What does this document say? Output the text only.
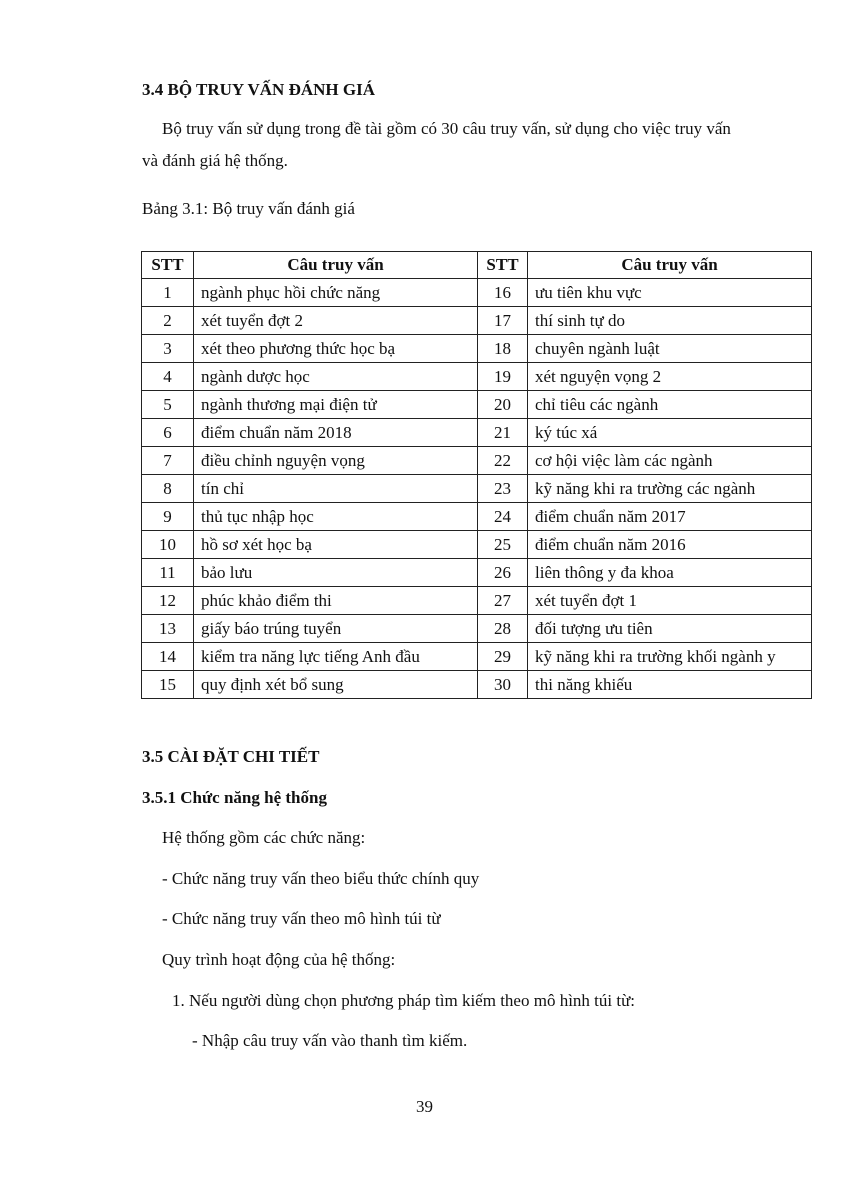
3.4 BỘ TRUY VẤN ĐÁNH GIÁ
Bộ truy vấn sử dụng trong đề tài gồm có 30 câu truy vấn, sử dụng cho việc truy vấn
và đánh giá hệ thống.
Bảng 3.1: Bộ truy vấn đánh giá
STT	Câu truy vấn	STT	Câu truy vấn
1	ngành phục hồi chức năng	16	ưu tiên khu vực
2	xét tuyển đợt 2	17	thí sinh tự do
3	xét theo phương thức học bạ	18	chuyên ngành luật
4	ngành dược học	19	xét nguyện vọng 2
5	ngành thương mại điện tử	20	chỉ tiêu các ngành
6	điểm chuẩn năm 2018	21	ký túc xá
7	điều chỉnh nguyện vọng	22	cơ hội việc làm các ngành
8	tín chỉ	23	kỹ năng khi ra trường các ngành
9	thủ tục nhập học	24	điểm chuẩn năm 2017
10	hồ sơ xét học bạ	25	điểm chuẩn năm 2016
11	bảo lưu	26	liên thông y đa khoa
12	phúc khảo điểm thi	27	xét tuyển đợt 1
13	giấy báo trúng tuyển	28	đối tượng ưu tiên
14	kiểm tra năng lực tiếng Anh đầu	29	kỹ năng khi ra trường khối ngành y
15	quy định xét bổ sung	30	thi năng khiếu
3.5 CÀI ĐẶT CHI TIẾT
3.5.1 Chức năng hệ thống
Hệ thống gồm các chức năng:
- Chức năng truy vấn theo biểu thức chính quy
- Chức năng truy vấn theo mô hình túi từ
Quy trình hoạt động của hệ thống:
1. Nếu người dùng chọn phương pháp tìm kiếm theo mô hình túi từ:
- Nhập câu truy vấn vào thanh tìm kiếm.
39
